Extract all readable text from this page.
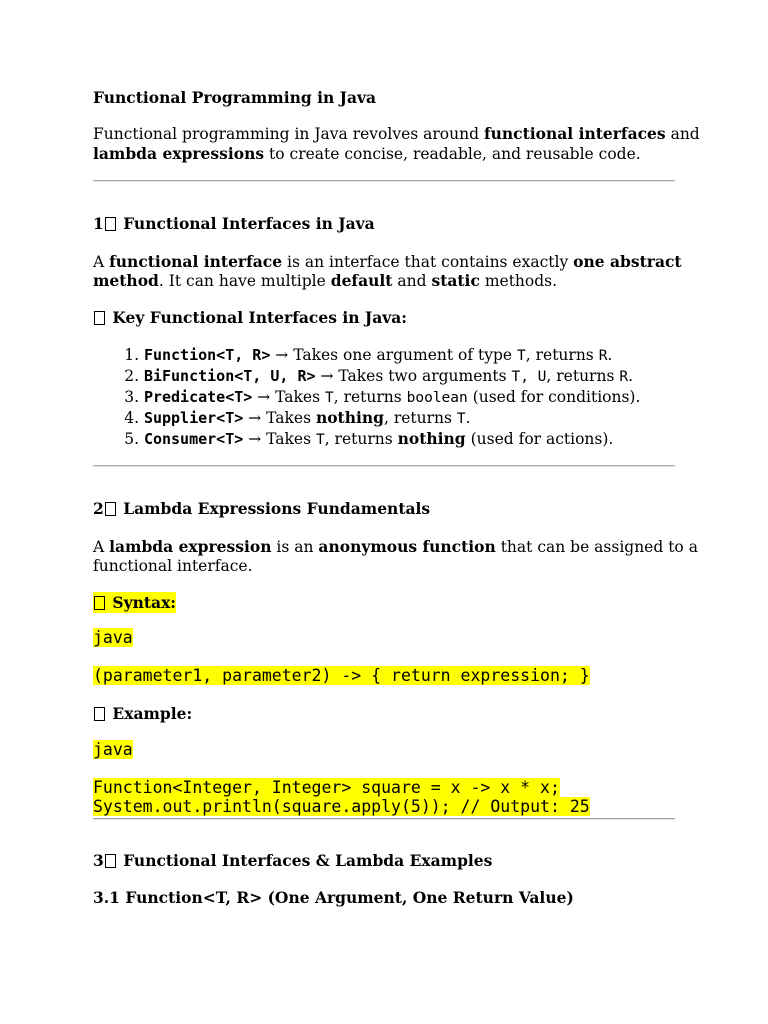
Functional Programming in Java
Functional programming in Java revolves around functional interfaces and
lambda expressions to create concise, readable, and reusable code.
1 Functional Interfaces in Java
A functional interface is an interface that contains exactly one abstract
method. It can have multiple default and static methods.
Key Functional Interfaces in Java:
1. Function<T, R> → Takes one argument of type T, returns R.
2. BiFunction<T, U, R> → Takes two arguments T, U, returns R.
3. Predicate<T> → Takes T, returns boolean (used for conditions).
4. Supplier<T> → Takes nothing, returns T.
5. Consumer<T> → Takes T, returns nothing (used for actions).
2 Lambda Expressions Fundamentals
A lambda expression is an anonymous function that can be assigned to a
functional interface.
Syntax:
java
(parameter1, parameter2) -> { return expression; }
Example:
java
Function<Integer, Integer> square = x -> x * x;
System.out.println(square.apply(5)); // Output: 25
3 Functional Interfaces & Lambda Examples
3.1 Function<T, R> (One Argument, One Return Value)
